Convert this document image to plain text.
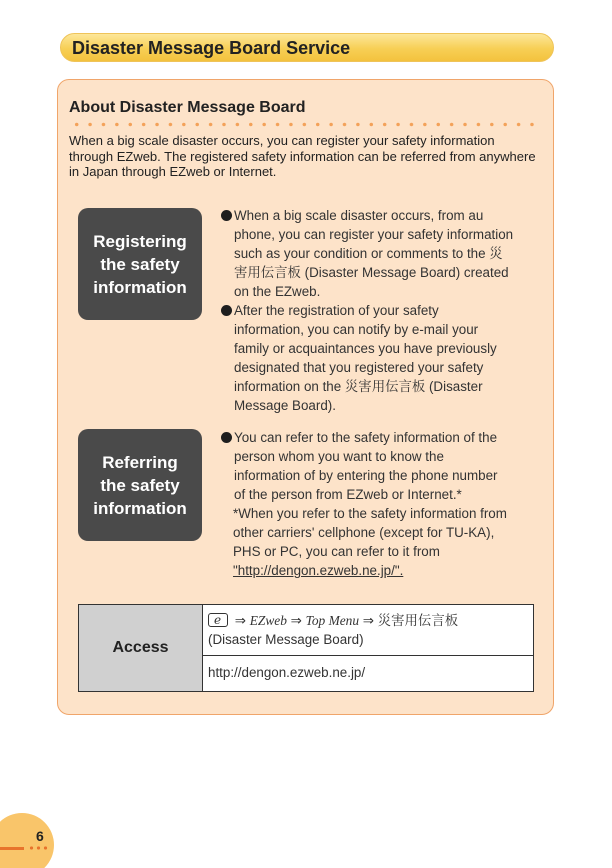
Disaster Message Board Service
About Disaster Message Board
When a big scale disaster occurs, you can register your safety information through EZweb. The registered safety information can be referred from anywhere in Japan through EZweb or Internet.
Registering
the safety
information
When a big scale disaster occurs, from au
phone, you can register your safety information
such as your condition or comments to the 災
害用伝言板 (Disaster Message Board) created
on the EZweb.
After the registration of your safety
information, you can notify by e-mail your
family or acquaintances you have previously
designated that you registered your safety
information on the 災害用伝言板 (Disaster
Message Board).
Referring
the safety
information
You can refer to the safety information of the
person whom you want to know the
information of by entering the phone number
of the person from EZweb or Internet.*
*When you refer to the safety information from
other carriers' cellphone (except for TU-KA),
PHS or PC, you can refer to it from
"http://dengon.ezweb.ne.jp/".
Access
e ⇒ EZweb ⇒ Top Menu ⇒ 災害用伝言板
(Disaster Message Board)
http://dengon.ezweb.ne.jp/
6
